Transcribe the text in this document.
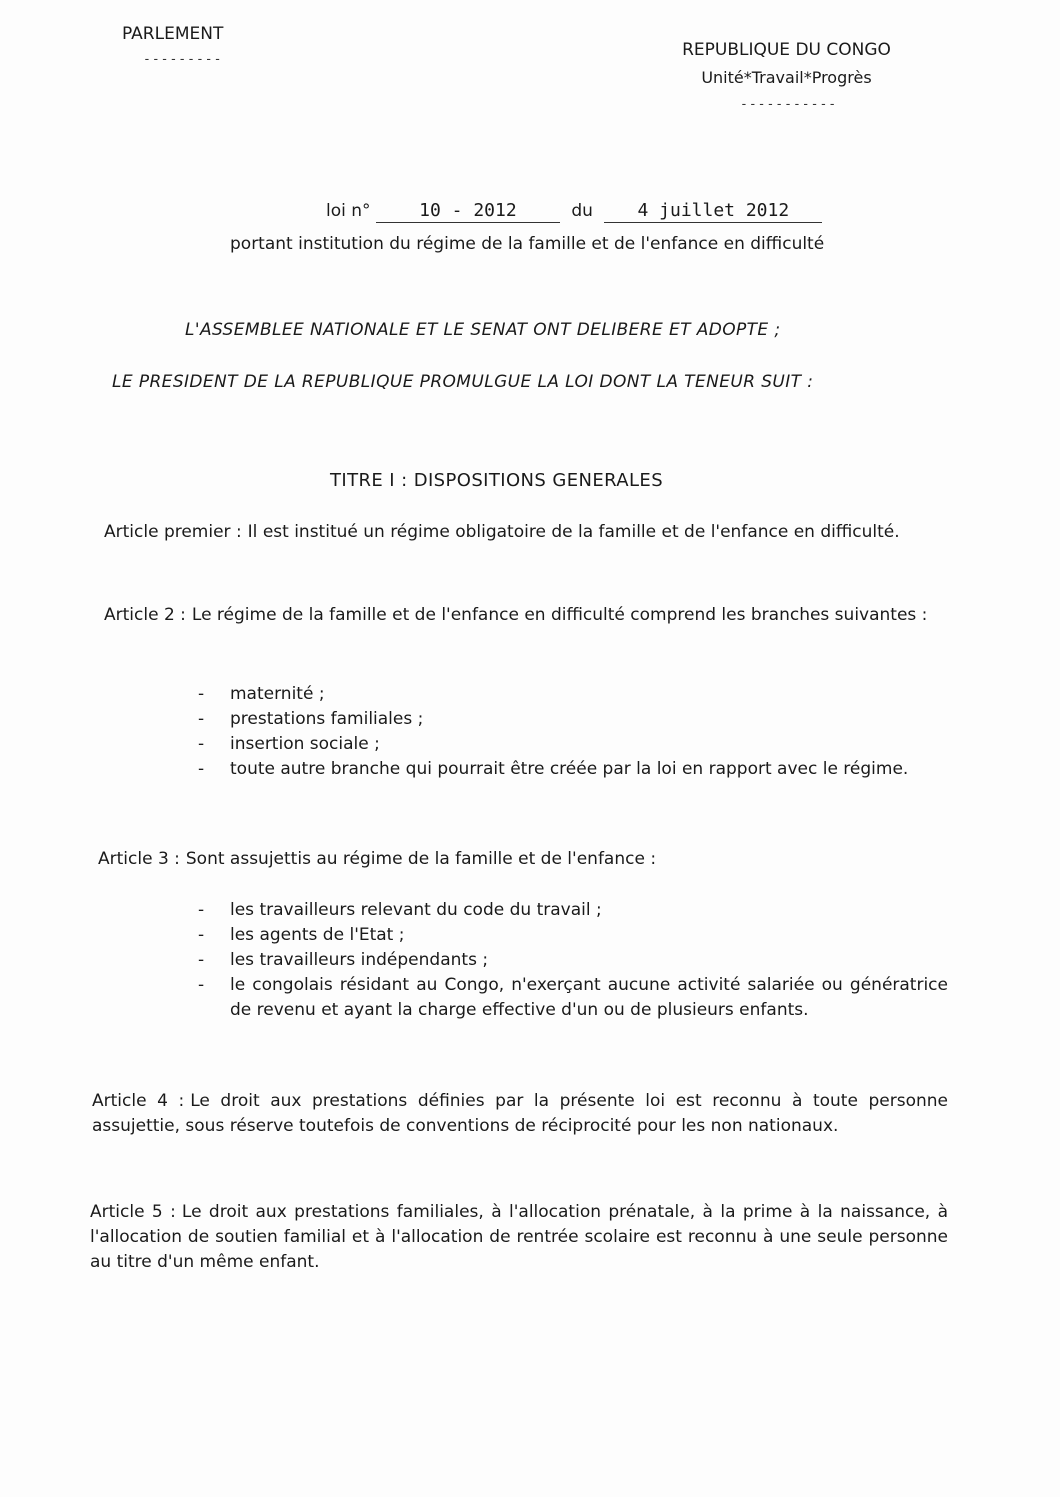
PARLEMENT
---------	REPUBLIQUE DU CONGO
Unité*Travail*Progrès
-----------
loi n°	10 - 2012	du 4 juillet 2012
portant institution du régime de la famille et de l'enfance en difficulté
L'ASSEMBLEE NATIONALE ET LE SENAT ONT DELIBERE ET ADOPTE ;
LE PRESIDENT DE LA REPUBLIQUE PROMULGUE LA LOI DONT LA TENEUR SUIT :
TITRE I : DISPOSITIONS GENERALES
Article premier : Il est institué un régime obligatoire de la famille et de l'enfance en difficulté.
Article 2 : Le régime de la famille et de l'enfance en difficulté comprend les branches suivantes :
- maternité ;
- prestations familiales ;
- insertion sociale ;
- toute autre branche qui pourrait être créée par la loi en rapport avec le régime.
Article 3 : Sont assujettis au régime de la famille et de l'enfance :
- les travailleurs relevant du code du travail ;
- les agents de l'Etat ;
- les travailleurs indépendants ;
- le congolais résidant au Congo, n'exerçant aucune activité salariée ou génératrice de revenu et ayant la charge effective d'un ou de plusieurs enfants.
Article 4 : Le droit aux prestations définies par la présente loi est reconnu à toute personne assujettie, sous réserve toutefois de conventions de réciprocité pour les non nationaux.
Article 5 : Le droit aux prestations familiales, à l'allocation prénatale, à la prime à la naissance, à l'allocation de soutien familial et à l'allocation de rentrée scolaire est reconnu à une seule personne au titre d'un même enfant.
